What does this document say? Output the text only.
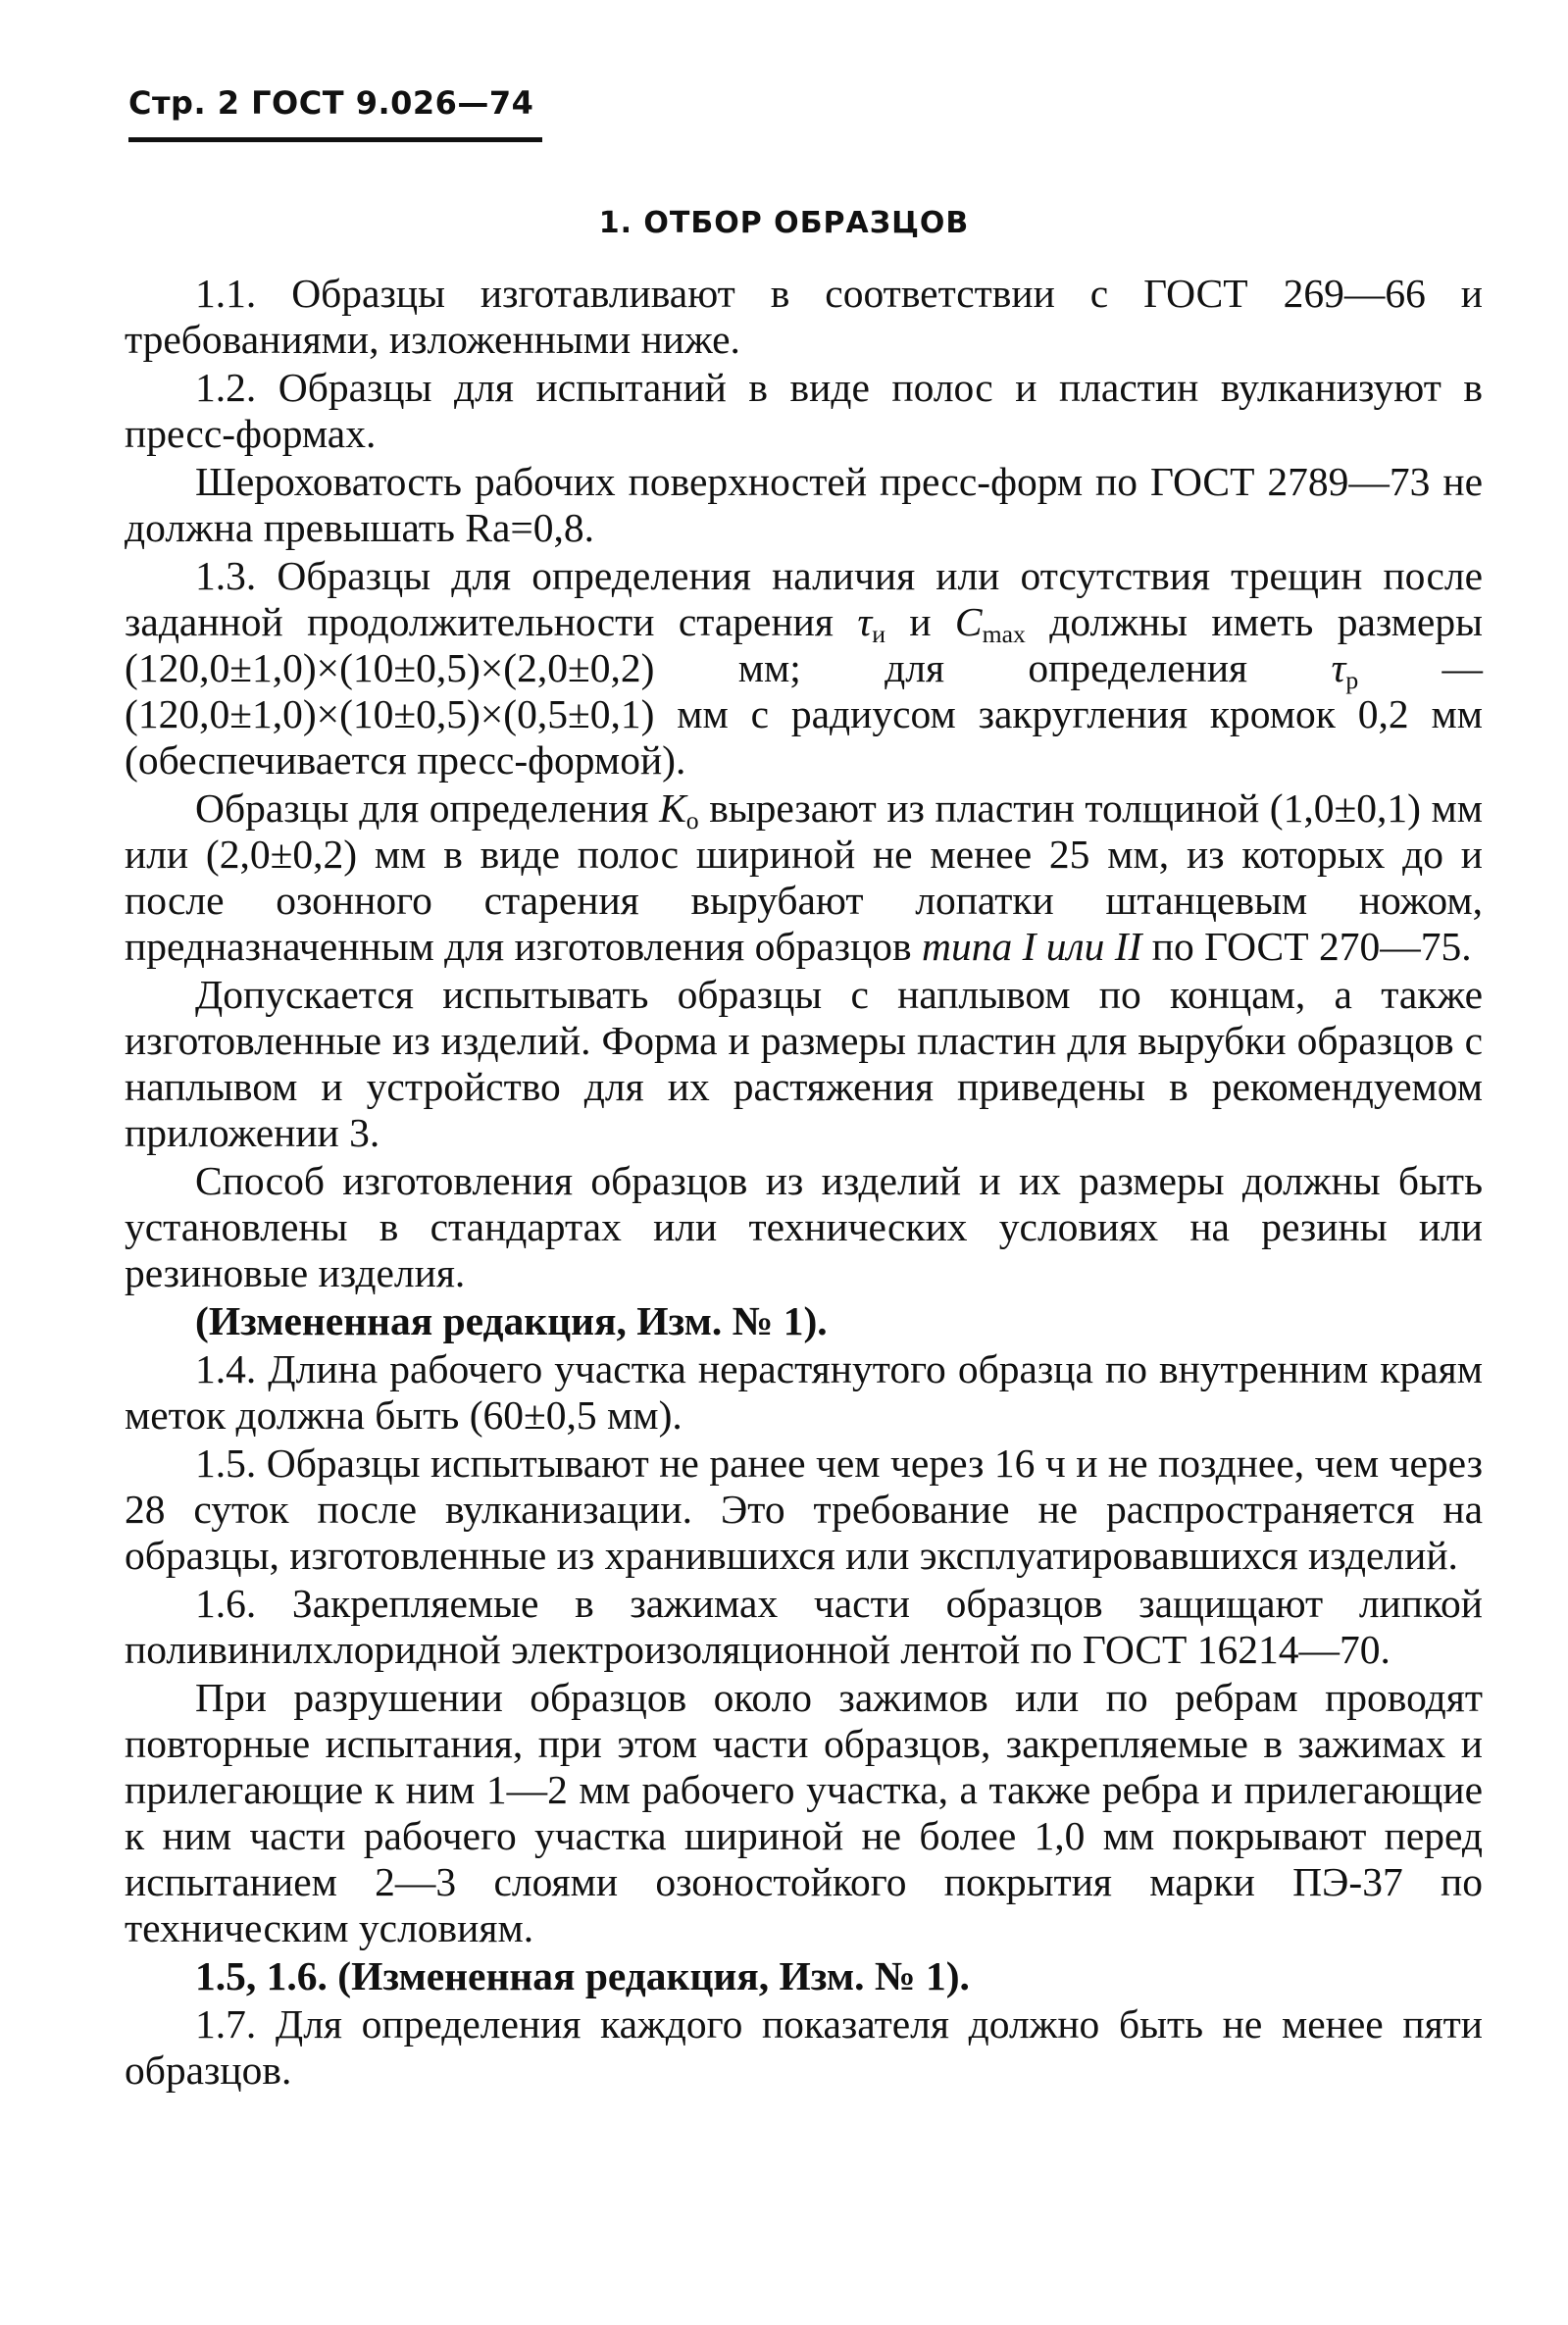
Стр. 2 ГОСТ 9.026—74
1. ОТБОР ОБРАЗЦОВ

1.1. Образцы изготавливают в соответствии с ГОСТ 269—66 и требованиями, изложенными ниже.

1.2. Образцы для испытаний в виде полос и пластин вулканизуют в пресс-формах.

Шероховатость рабочих поверхностей пресс-форм по ГОСТ 2789—73 не должна превышать Ra=0,8.

1.3. Образцы для определения наличия или отсутствия трещин после заданной продолжительности старения $\tau_и$ и $C_{max}$ должны иметь размеры (120,0±1,0)×(10±0,5)×(2,0±0,2) мм; для определения $\tau_р$ — (120,0±1,0)×(10±0,5)×(0,5±0,1) мм с радиусом закругления кромок 0,2 мм (обеспечивается пресс-формой).

Образцы для определения $K_о$ вырезают из пластин толщиной (1,0±0,1) мм или (2,0±0,2) мм в виде полос шириной не менее 25 мм, из которых до и после озонного старения вырубают лопатки штанцевым ножом, предназначенным для изготовления образцов типа I или II по ГОСТ 270—75.

Допускается испытывать образцы с наплывом по концам, а также изготовленные из изделий. Форма и размеры пластин для вырубки образцов с наплывом и устройство для их растяжения приведены в рекомендуемом приложении 3.

Способ изготовления образцов из изделий и их размеры должны быть установлены в стандартах или технических условиях на резины или резиновые изделия.

(Измененная редакция, Изм. № 1).

1.4. Длина рабочего участка нерастянутого образца по внутренним краям меток должна быть (60±0,5 мм).

1.5. Образцы испытывают не ранее чем через 16 ч и не позднее, чем через 28 суток после вулканизации. Это требование не распространяется на образцы, изготовленные из хранившихся или эксплуатировавшихся изделий.

1.6. Закрепляемые в зажимах части образцов защищают липкой поливинилхлоридной электроизоляционной лентой по ГОСТ 16214—70.

При разрушении образцов около зажимов или по ребрам проводят повторные испытания, при этом части образцов, закрепляемые в зажимах и прилегающие к ним 1—2 мм рабочего участка, а также ребра и прилегающие к ним части рабочего участка шириной не более 1,0 мм покрывают перед испытанием 2—3 слоями озоностойкого покрытия марки ПЭ-37 по техническим условиям.

1.5, 1.6. (Измененная редакция, Изм. № 1).

1.7. Для определения каждого показателя должно быть не менее пяти образцов.
